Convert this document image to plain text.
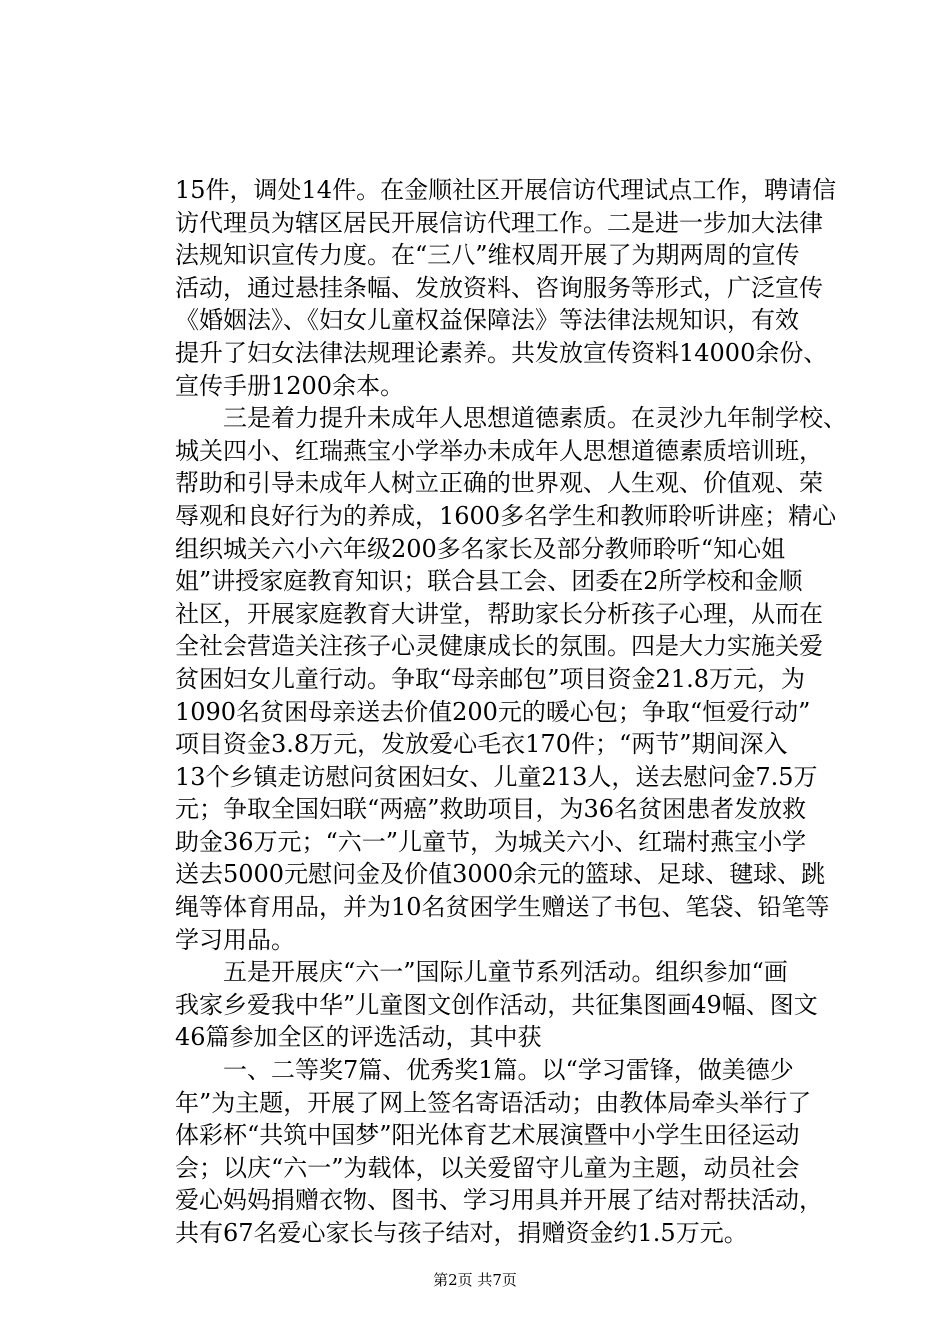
15件，调处14件。在金顺社区开展信访代理试点工作，聘请信
访代理员为辖区居民开展信访代理工作。二是进一步加大法律
法规知识宣传力度。在“三八”维权周开展了为期两周的宣传
活动，通过悬挂条幅、发放资料、咨询服务等形式，广泛宣传
《婚姻法》、《妇女儿童权益保障法》等法律法规知识，有效
提升了妇女法律法规理论素养。共发放宣传资料14000余份、
宣传手册1200余本。
　　三是着力提升未成年人思想道德素质。在灵沙九年制学校、
城关四小、红瑞燕宝小学举办未成年人思想道德素质培训班，
帮助和引导未成年人树立正确的世界观、人生观、价值观、荣
辱观和良好行为的养成，1600多名学生和教师聆听讲座；精心
组织城关六小六年级200多名家长及部分教师聆听“知心姐
姐”讲授家庭教育知识；联合县工会、团委在2所学校和金顺
社区，开展家庭教育大讲堂，帮助家长分析孩子心理，从而在
全社会营造关注孩子心灵健康成长的氛围。四是大力实施关爱
贫困妇女儿童行动。争取“母亲邮包”项目资金21.8万元，为
1090名贫困母亲送去价值200元的暖心包；争取“恒爱行动”
项目资金3.8万元，发放爱心毛衣170件；“两节”期间深入
13个乡镇走访慰问贫困妇女、儿童213人，送去慰问金7.5万
元；争取全国妇联“两癌”救助项目，为36名贫困患者发放救
助金36万元；“六一”儿童节，为城关六小、红瑞村燕宝小学
送去5000元慰问金及价值3000余元的篮球、足球、毽球、跳
绳等体育用品，并为10名贫困学生赠送了书包、笔袋、铅笔等
学习用品。
　　五是开展庆“六一”国际儿童节系列活动。组织参加“画
我家乡爱我中华”儿童图文创作活动，共征集图画49幅、图文
46篇参加全区的评选活动，其中获
　　一、二等奖7篇、优秀奖1篇。以“学习雷锋，做美德少
年”为主题，开展了网上签名寄语活动；由教体局牵头举行了
体彩杯“共筑中国梦”阳光体育艺术展演暨中小学生田径运动
会；以庆“六一”为载体，以关爱留守儿童为主题，动员社会
爱心妈妈捐赠衣物、图书、学习用具并开展了结对帮扶活动，
共有67名爱心家长与孩子结对，捐赠资金约1.5万元。
第2页 共7页
